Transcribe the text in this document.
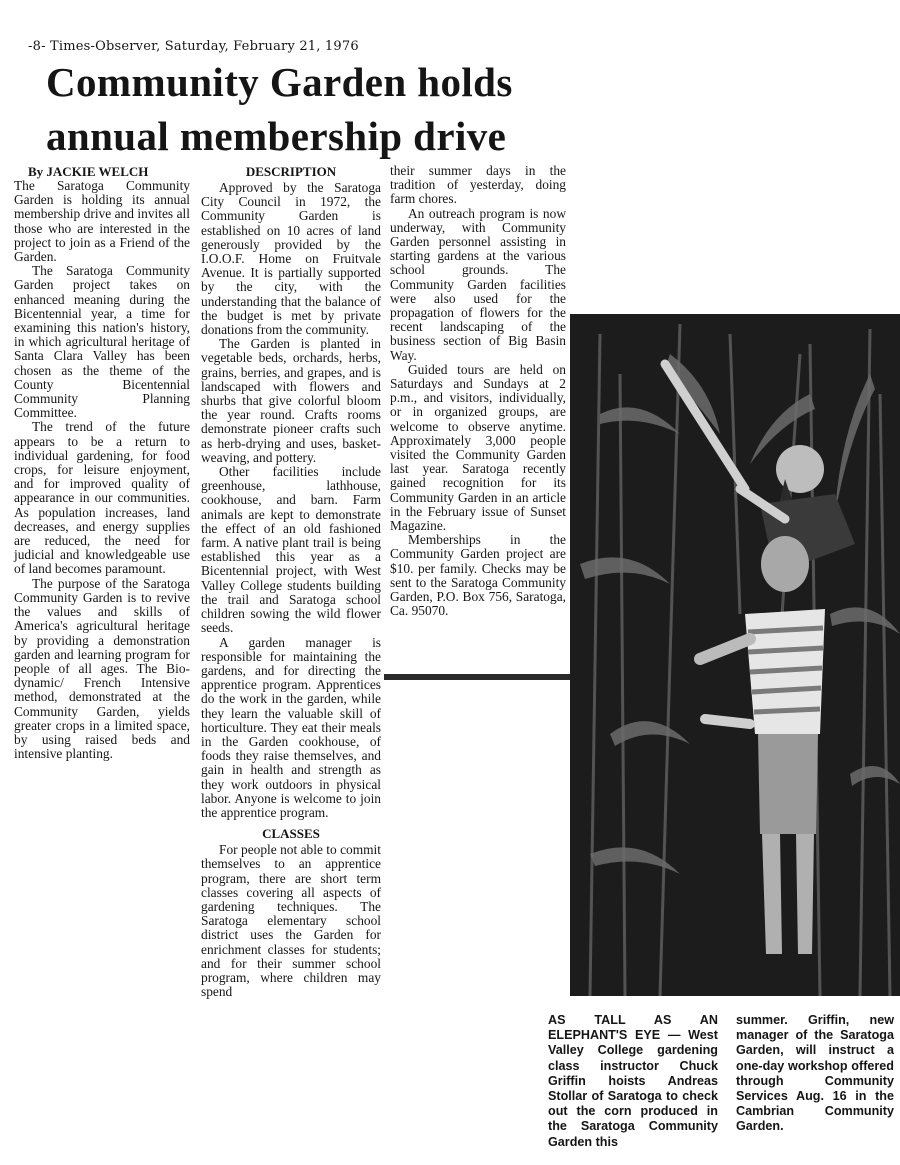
-8- Times-Observer, Saturday, February 21, 1976
Community Garden holds
annual membership drive
By JACKIE WELCH

The Saratoga Community Garden is holding its annual membership drive and invites all those who are interested in the project to join as a Friend of the Garden.

The Saratoga Community Garden project takes on enhanced meaning during the Bicentennial year, a time for examining this nation's history, in which agricultural heritage of Santa Clara Valley has been chosen as the theme of the County Bicentennial Community Planning Committee.

The trend of the future appears to be a return to individual gardening, for food crops, for leisure enjoyment, and for improved quality of appearance in our communities. As population increases, land decreases, and energy supplies are reduced, the need for judicial and knowledgeable use of land becomes paramount.

The purpose of the Saratoga Community Garden is to revive the values and skills of America's agricultural heritage by providing a demonstration garden and learning program for people of all ages. The Bio-dynamic/ French Intensive method, demonstrated at the Community Garden, yields greater crops in a limited space, by using raised beds and intensive planting.

DESCRIPTION

Approved by the Saratoga City Council in 1972, the Community Garden is established on 10 acres of land generously provided by the I.O.O.F. Home on Fruitvale Avenue. It is partially supported by the city, with the understanding that the balance of the budget is met by private donations from the community.

The Garden is planted in vegetable beds, orchards, herbs, grains, berries, and grapes, and is landscaped with flowers and shurbs that give colorful bloom the year round. Crafts rooms demonstrate pioneer crafts such as herb-drying and uses, basket-weaving, and pottery.

Other facilities include greenhouse, lathhouse, cookhouse, and barn. Farm animals are kept to demonstrate the effect of an old fashioned farm. A native plant trail is being established this year as a Bicentennial project, with West Valley College students building the trail and Saratoga school children sowing the wild flower seeds.

A garden manager is responsible for maintaining the gardens, and for directing the apprentice program. Apprentices do the work in the garden, while they learn the valuable skill of horticulture. They eat their meals in the Garden cookhouse, of foods they raise themselves, and gain in health and strength as they work outdoors in physical labor. Anyone is welcome to join the apprentice program.

CLASSES

For people not able to commit themselves to an apprentice program, there are short term classes covering all aspects of gardening techniques. The Saratoga elementary school district uses the Garden for enrichment classes for students; and for their summer school program, where children may spend

their summer days in the tradition of yesterday, doing farm chores.

An outreach program is now underway, with Community Garden personnel assisting in starting gardens at the various school grounds. The Community Garden facilities were also used for the propagation of flowers for the recent landscaping of the business section of Big Basin Way.

Guided tours are held on Saturdays and Sundays at 2 p.m., and visitors, individually, or in organized groups, are welcome to observe anytime. Approximately 3,000 people visited the Community Garden last year. Saratoga recently gained recognition for its Community Garden in an article in the February issue of Sunset Magazine.

Memberships in the Community Garden project are $10. per family. Checks may be sent to the Saratoga Community Garden, P.O. Box 756, Saratoga, Ca. 95070.

AS TALL AS AN ELEPHANT'S EYE — West Valley College gardening class instructor Chuck Griffin hoists Andreas Stollar of Saratoga to check out the corn produced in the Saratoga Community Garden this
summer. Griffin, new manager of the Saratoga Garden, will instruct a one-day workshop offered through Community Services Aug. 16 in the Cambrian Community Garden.
